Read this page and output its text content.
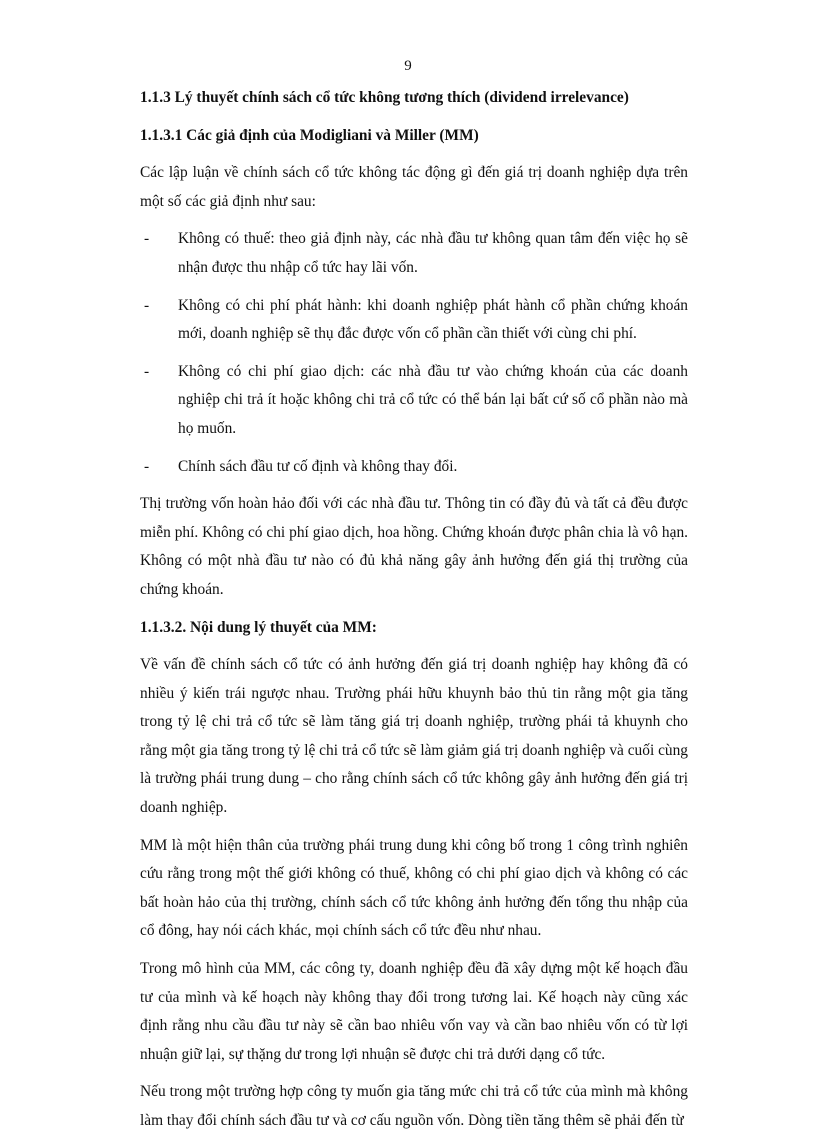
9
1.1.3 Lý thuyết chính sách cổ tức không tương thích (dividend irrelevance)
1.1.3.1 Các giả định của Modigliani và Miller (MM)

Các lập luận về chính sách cổ tức không tác động gì đến giá trị doanh nghiệp dựa trên một số các giả định như sau:

- Không có thuế: theo giả định này, các nhà đầu tư không quan tâm đến việc họ sẽ nhận được thu nhập cổ tức hay lãi vốn.
- Không có chi phí phát hành: khi doanh nghiệp phát hành cổ phần chứng khoán mới, doanh nghiệp sẽ thụ đắc được vốn cổ phần cần thiết với cùng chi phí.
- Không có chi phí giao dịch: các nhà đầu tư vào chứng khoán của các doanh nghiệp chi trả ít hoặc không chi trả cổ tức có thể bán lại bất cứ số cổ phần nào mà họ muốn.
- Chính sách đầu tư cố định và không thay đổi.

Thị trường vốn hoàn hảo đối với các nhà đầu tư. Thông tin có đầy đủ và tất cả đều được miễn phí. Không có chi phí giao dịch, hoa hồng. Chứng khoán được phân chia là vô hạn. Không có một nhà đầu tư nào có đủ khả năng gây ảnh hưởng đến giá thị trường của chứng khoán.

1.1.3.2. Nội dung lý thuyết của MM:

Về vấn đề chính sách cổ tức có ảnh hưởng đến giá trị doanh nghiệp hay không đã có nhiều ý kiến trái ngược nhau. Trường phái hữu khuynh bảo thủ tin rằng một gia tăng trong tỷ lệ chi trả cổ tức sẽ làm tăng giá trị doanh nghiệp, trường phái tả khuynh cho rằng một gia tăng trong tỷ lệ chi trả cổ tức sẽ làm giảm giá trị doanh nghiệp và cuối cùng là trường phái trung dung – cho rằng chính sách cổ tức không gây ảnh hưởng đến giá trị doanh nghiệp.

MM là một hiện thân của trường phái trung dung khi công bố trong 1 công trình nghiên cứu rằng trong một thế giới không có thuế, không có chi phí giao dịch và không có các bất hoàn hảo của thị trường, chính sách cổ tức không ảnh hưởng đến tổng thu nhập của cổ đông, hay nói cách khác, mọi chính sách cổ tức đều như nhau.

Trong mô hình của MM, các công ty, doanh nghiệp đều đã xây dựng một kế hoạch đầu tư của mình và kế hoạch này không thay đổi trong tương lai. Kế hoạch này cũng xác định rằng nhu cầu đầu tư này sẽ cần bao nhiêu vốn vay và cần bao nhiêu vốn có từ lợi nhuận giữ lại, sự thặng dư trong lợi nhuận sẽ được chi trả dưới dạng cổ tức.

Nếu trong một trường hợp công ty muốn gia tăng mức chi trả cổ tức của mình mà không làm thay đổi chính sách đầu tư và cơ cấu nguồn vốn. Dòng tiền tăng thêm sẽ phải đến từ
